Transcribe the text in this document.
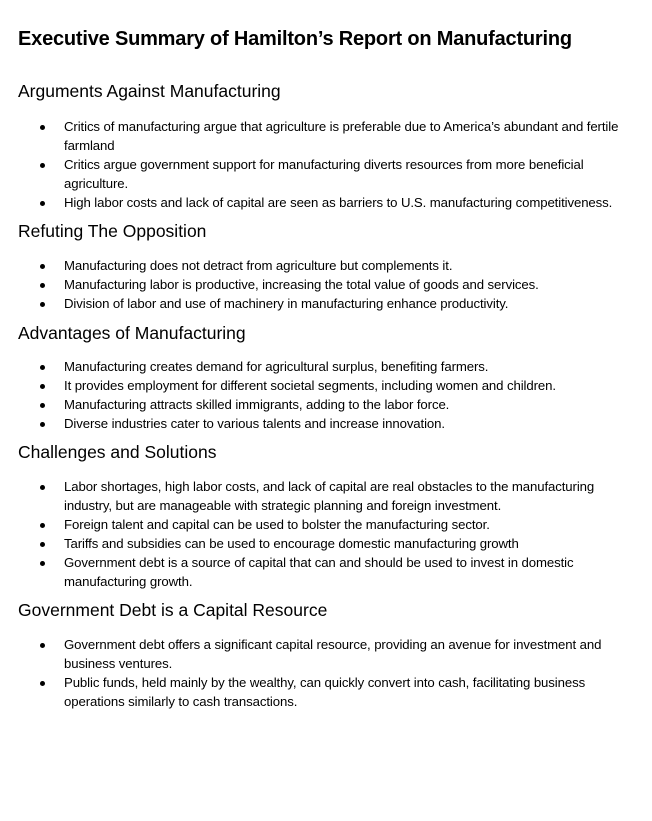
Executive Summary of Hamilton’s Report on Manufacturing
Arguments Against Manufacturing
Critics of manufacturing argue that agriculture is preferable due to America’s abundant and fertile farmland
Critics argue government support for manufacturing diverts resources from more beneficial agriculture.
High labor costs and lack of capital are seen as barriers to U.S. manufacturing competitiveness.
Refuting The Opposition
Manufacturing does not detract from agriculture but complements it.
Manufacturing labor is productive, increasing the total value of goods and services.
Division of labor and use of machinery in manufacturing enhance productivity.
Advantages of Manufacturing
Manufacturing creates demand for agricultural surplus, benefiting farmers.
It provides employment for different societal segments, including women and children.
Manufacturing attracts skilled immigrants, adding to the labor force.
Diverse industries cater to various talents and increase innovation.
Challenges and Solutions
Labor shortages, high labor costs, and lack of capital are real obstacles to the manufacturing industry, but are manageable with strategic planning and foreign investment.
Foreign talent and capital can be used to bolster the manufacturing sector.
Tariffs and subsidies can be used to encourage domestic manufacturing growth
Government debt is a source of capital that can and should be used to invest in domestic manufacturing growth.
Government Debt is a Capital Resource
Government debt offers a significant capital resource, providing an avenue for investment and business ventures.
Public funds, held mainly by the wealthy, can quickly convert into cash, facilitating business operations similarly to cash transactions.
